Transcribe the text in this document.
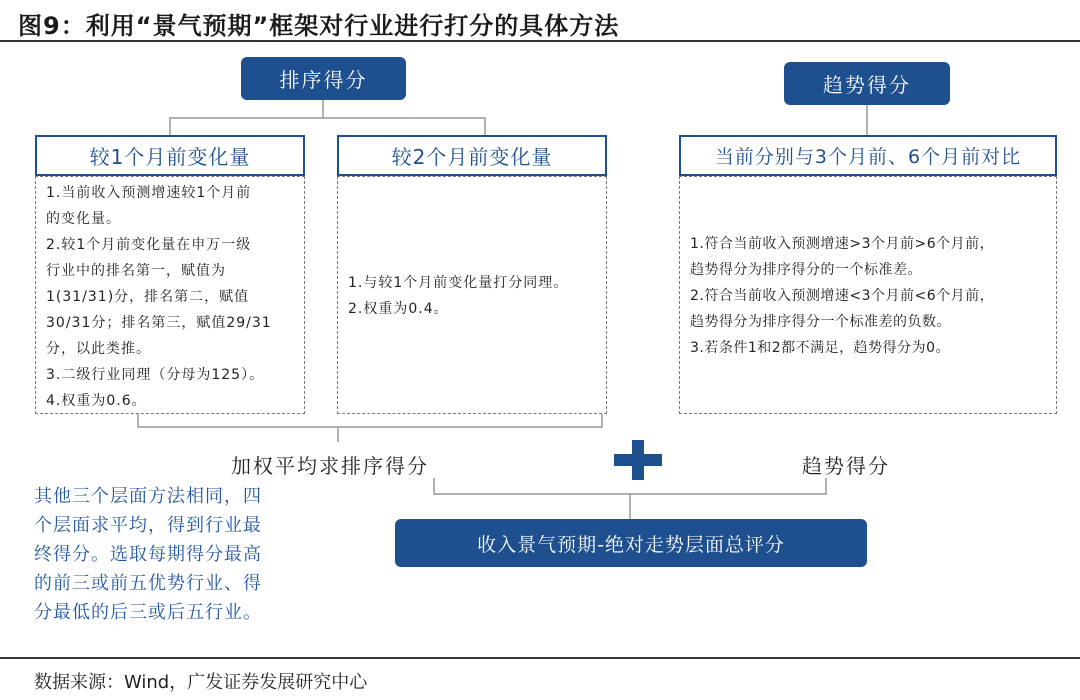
图9：利用“景气预期”框架对行业进行打分的具体方法
排序得分	趋势得分
较1个月前变化量	较2个月前变化量	当前分别与3个月前、6个月前对比
1.当前收入预测增速较1个月前
的变化量。
2.较1个月前变化量在申万一级
行业中的排名第一，赋值为
1(31/31)分，排名第二，赋值
30/31分；排名第三，赋值29/31
分，以此类推。
3.二级行业同理（分母为125）。
4.权重为0.6。
1.与较1个月前变化量打分同理。
2.权重为0.4。
1.符合当前收入预测增速>3个月前>6个月前，
趋势得分为排序得分的一个标准差。
2.符合当前收入预测增速<3个月前<6个月前，
趋势得分为排序得分一个标准差的负数。
3.若条件1和2都不满足，趋势得分为0。
加权平均求排序得分	趋势得分
其他三个层面方法相同，四
个层面求平均，得到行业最
终得分。选取每期得分最高
的前三或前五优势行业、得
分最低的后三或后五行业。
收入景气预期-绝对走势层面总评分
数据来源：Wind，广发证券发展研究中心
